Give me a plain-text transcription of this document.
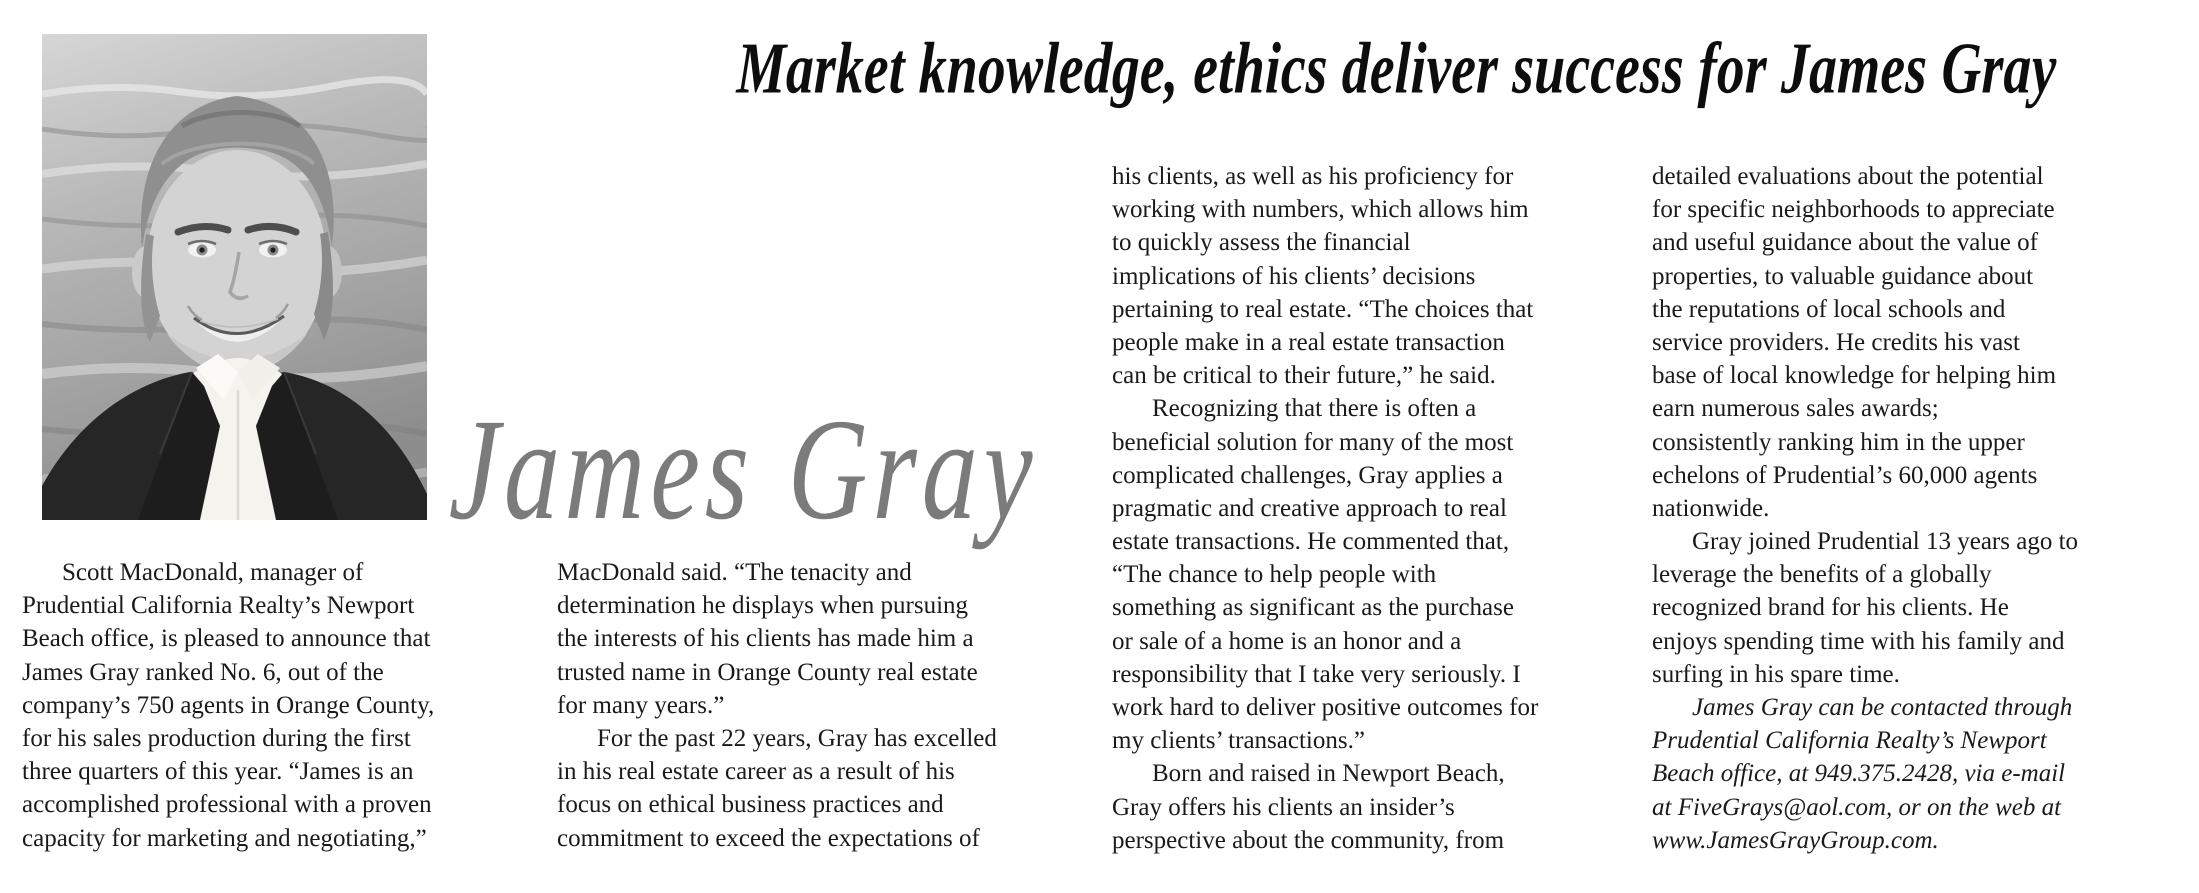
Market knowledge, ethics deliver success for James Gray
James Gray
Scott MacDonald, manager of
Prudential California Realty’s Newport
Beach office, is pleased to announce that
James Gray ranked No. 6, out of the
company’s 750 agents in Orange County,
for his sales production during the first
three quarters of this year. “James is an
accomplished professional with a proven
capacity for marketing and negotiating,”
MacDonald said. “The tenacity and
determination he displays when pursuing
the interests of his clients has made him a
trusted name in Orange County real estate
for many years.”
For the past 22 years, Gray has excelled
in his real estate career as a result of his
focus on ethical business practices and
commitment to exceed the expectations of
his clients, as well as his proficiency for
working with numbers, which allows him
to quickly assess the financial
implications of his clients’ decisions
pertaining to real estate. “The choices that
people make in a real estate transaction
can be critical to their future,” he said.
Recognizing that there is often a
beneficial solution for many of the most
complicated challenges, Gray applies a
pragmatic and creative approach to real
estate transactions. He commented that,
“The chance to help people with
something as significant as the purchase
or sale of a home is an honor and a
responsibility that I take very seriously. I
work hard to deliver positive outcomes for
my clients’ transactions.”
Born and raised in Newport Beach,
Gray offers his clients an insider’s
perspective about the community, from
detailed evaluations about the potential
for specific neighborhoods to appreciate
and useful guidance about the value of
properties, to valuable guidance about
the reputations of local schools and
service providers. He credits his vast
base of local knowledge for helping him
earn numerous sales awards;
consistently ranking him in the upper
echelons of Prudential’s 60,000 agents
nationwide.
Gray joined Prudential 13 years ago to
leverage the benefits of a globally
recognized brand for his clients. He
enjoys spending time with his family and
surfing in his spare time.
James Gray can be contacted through
Prudential California Realty’s Newport
Beach office, at 949.375.2428, via e-mail
at FiveGrays@aol.com, or on the web at
www.JamesGrayGroup.com.
